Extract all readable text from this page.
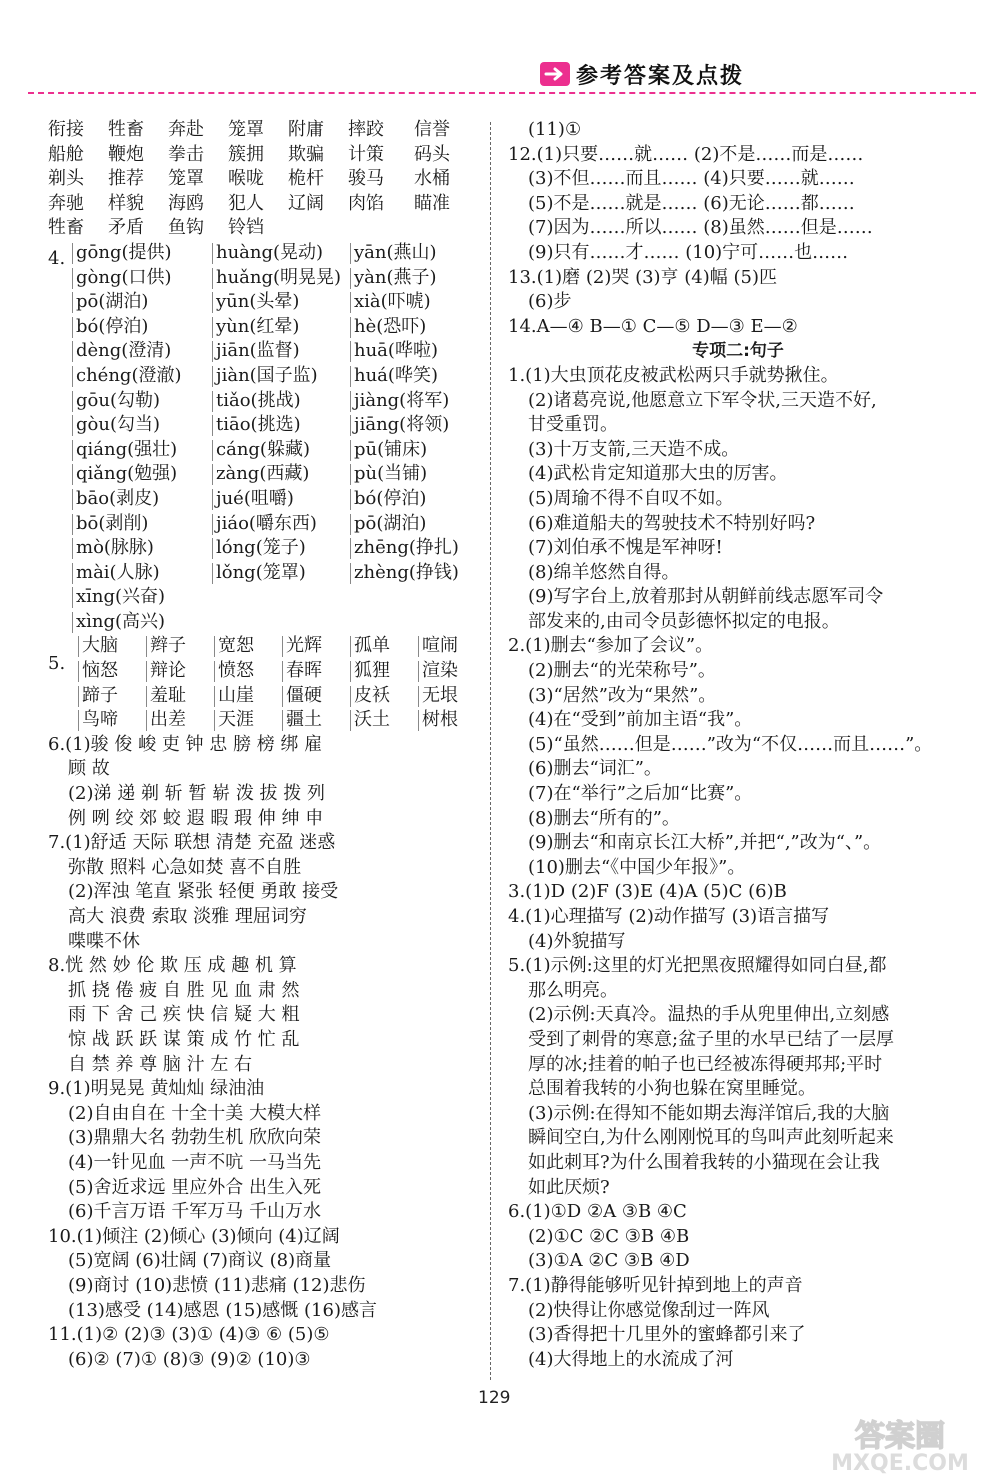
参考答案及点拨
衔接 牲畜 奔赴 笼罩 附庸 摔跤 信誉
船舱 鞭炮 拳击 簇拥 欺骗 计策 码头
剃头 推荐 笼罩 喉咙 桅杆 骏马 水桶
奔驰 样貌 海鸥 犯人 辽阔 肉馅 瞄准
牲畜 矛盾 鱼钩 铃铛
4. gōng(提供) huàng(晃动) yān(燕山)
gòng(口供) huǎng(明晃晃) yàn(燕子)
pō(湖泊)	yūn(头晕)	xià(吓唬)
bó(停泊)	yùn(红晕)	hè(恐吓)
dèng(澄清) jiān(监督)	huā(哗啦)
chéng(澄澈) jiàn(国子监) huá(哗笑)
gōu(勾勒)	tiǎo(挑战)	jiàng(将军)
gòu(勾当)	tiāo(挑选)	jiāng(将领)
qiáng(强壮) cáng(躲藏) pū(铺床)
qiǎng(勉强) zàng(西藏) pù(当铺)
bāo(剥皮)	jué(咀嚼)	bó(停泊)
bō(剥削)	jiáo(嚼东西) pō(湖泊)
mò(脉脉)	lóng(笼子)	zhēng(挣扎)
mài(人脉)	lǒng(笼罩)	zhèng(挣钱)
xīng(兴奋)
xìng(高兴)
5.
大脑 辫子 宽恕 光辉 孤单 喧闹
恼怒 辩论 愤怒 春晖 狐狸 渲染
蹄子 羞耻 山崖 僵硬 皮袄 无垠
鸟啼 出差 天涯 疆土 沃土 树根
6.(1)骏 俊 峻 吏 钟 忠 膀 榜 绑 雇
顾 故
(2)涕 递 剃 斩 暂 崭 泼 拔 拨 列
例 咧 绞 郊 蛟 遐 暇 瑕 伸 绅 申
7.(1)舒适 天际 联想 清楚 充盈 迷惑
弥散 照料 心急如焚 喜不自胜
(2)浑浊 笔直 紧张 轻便 勇敢 接受
高大 浪费 索取 淡雅 理屈词穷
喋喋不休
8.恍 然 妙 伦 欺 压 成 趣 机 算
抓 挠 倦 疲 自 胜 见 血 肃 然
雨 下 舍 己 疾 快 信 疑 大 粗
惊 战 跃 跃 谋 策 成 竹 忙 乱
自 禁 养 尊 脑 汁 左 右
9.(1)明晃晃 黄灿灿 绿油油
(2)自由自在 十全十美 大模大样
(3)鼎鼎大名 勃勃生机 欣欣向荣
(4)一针见血 一声不吭 一马当先
(5)舍近求远 里应外合 出生入死
(6)千言万语 千军万马 千山万水
10.(1)倾注 (2)倾心 (3)倾向 (4)辽阔
(5)宽阔 (6)壮阔 (7)商议 (8)商量
(9)商讨 (10)悲愤 (11)悲痛 (12)悲伤
(13)感受 (14)感恩 (15)感慨 (16)感言
11.(1)② (2)③ (3)① (4)③ ⑥ (5)⑤
(6)② (7)① (8)③ (9)② (10)③
(11)①
12.(1)只要……就…… (2)不是……而是……
(3)不但……而且…… (4)只要……就……
(5)不是……就是…… (6)无论……都……
(7)因为……所以…… (8)虽然……但是……
(9)只有……才…… (10)宁可……也……
13.(1)磨 (2)哭 (3)亨 (4)幅 (5)匹
(6)步
14.A—④ B—① C—⑤ D—③ E—②
专项二:句子
1.(1)大虫顶花皮被武松两只手就势揪住。
(2)诸葛亮说,他愿意立下军令状,三天造不好,
甘受重罚。
(3)十万支箭,三天造不成。
(4)武松肯定知道那大虫的厉害。
(5)周瑜不得不自叹不如。
(6)难道船夫的驾驶技术不特别好吗?
(7)刘伯承不愧是军神呀!
(8)绵羊悠然自得。
(9)写字台上,放着那封从朝鲜前线志愿军司令
部发来的,由司令员彭德怀拟定的电报。
2.(1)删去“参加了会议”。
(2)删去“的光荣称号”。
(3)“居然”改为“果然”。
(4)在“受到”前加主语“我”。
(5)“虽然……但是……”改为“不仅……而且……”。
(6)删去“词汇”。
(7)在“举行”之后加“比赛”。
(8)删去“所有的”。
(9)删去“和南京长江大桥”,并把“,”改为“、”。
(10)删去“《中国少年报》”。
3.(1)D (2)F (3)E (4)A (5)C (6)B
4.(1)心理描写 (2)动作描写 (3)语言描写
(4)外貌描写
5.(1)示例:这里的灯光把黑夜照耀得如同白昼,都
那么明亮。
(2)示例:天真冷。温热的手从兜里伸出,立刻感
受到了刺骨的寒意;盆子里的水早已结了一层厚
厚的冰;挂着的帕子也已经被冻得硬邦邦;平时
总围着我转的小狗也躲在窝里睡觉。
(3)示例:在得知不能如期去海洋馆后,我的大脑
瞬间空白,为什么刚刚悦耳的鸟叫声此刻听起来
如此刺耳?为什么围着我转的小猫现在会让我
如此厌烦?
6.(1)①D ②A ③B ④C
(2)①C ②C ③B ④B
(3)①A ②C ③B ④D
7.(1)静得能够听见针掉到地上的声音
(2)快得让你感觉像刮过一阵风
(3)香得把十几里外的蜜蜂都引来了
(4)大得地上的水流成了河
129
答案圈
MXQE.COM
